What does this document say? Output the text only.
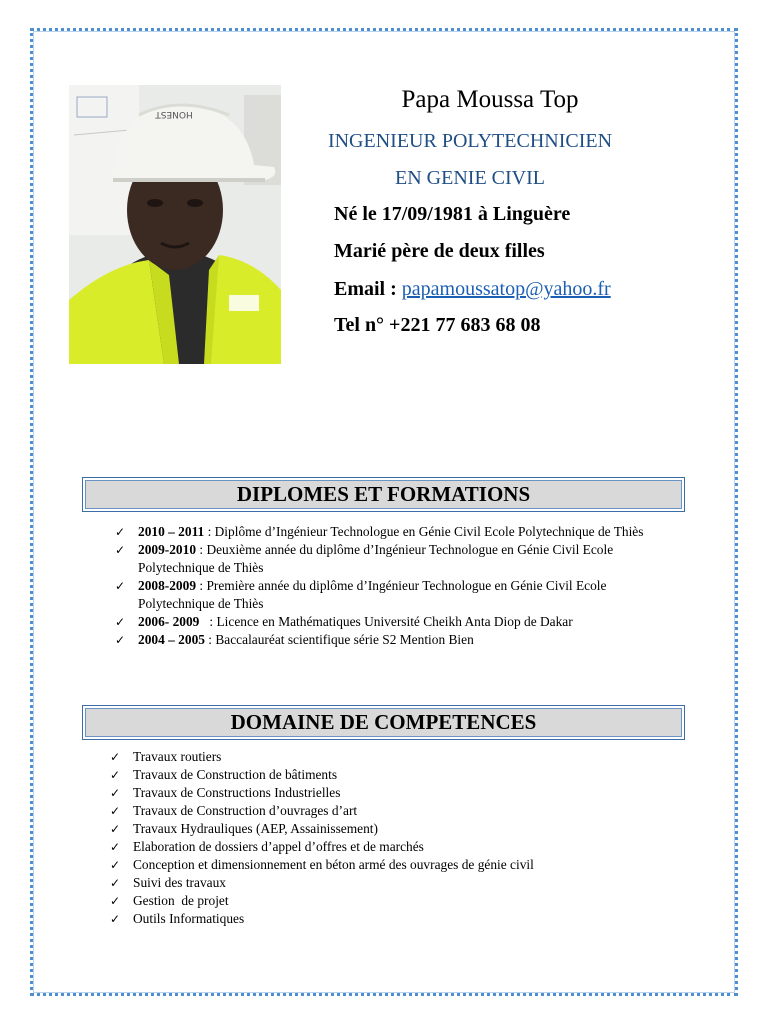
HONEST
Papa Moussa Top
INGENIEUR POLYTECHNICIEN
EN GENIE CIVIL
Né le 17/09/1981 à Linguère
Marié père de deux filles
Email : papamoussatop@yahoo.fr
Tel n° +221 77 683 68 08
DIPLOMES ET FORMATIONS
✓ 2010 – 2011 : Diplôme d’Ingénieur Technologue en Génie Civil Ecole Polytechnique de Thiès
✓ 2009-2010 : Deuxième année du diplôme d’Ingénieur Technologue en Génie Civil Ecole Polytechnique de Thiès
✓ 2008-2009 : Première année du diplôme d’Ingénieur Technologue en Génie Civil Ecole Polytechnique de Thiès
✓ 2006- 2009   : Licence en Mathématiques Université Cheikh Anta Diop de Dakar
✓ 2004 – 2005 : Baccalauréat scientifique série S2 Mention Bien
DOMAINE DE COMPETENCES
✓ Travaux routiers
✓ Travaux de Construction de bâtiments
✓ Travaux de Constructions Industrielles
✓ Travaux de Construction d’ouvrages d’art
✓ Travaux Hydrauliques (AEP, Assainissement)
✓ Elaboration de dossiers d’appel d’offres et de marchés
✓ Conception et dimensionnement en béton armé des ouvrages de génie civil
✓ Suivi des travaux
✓ Gestion  de projet
✓ Outils Informatiques
